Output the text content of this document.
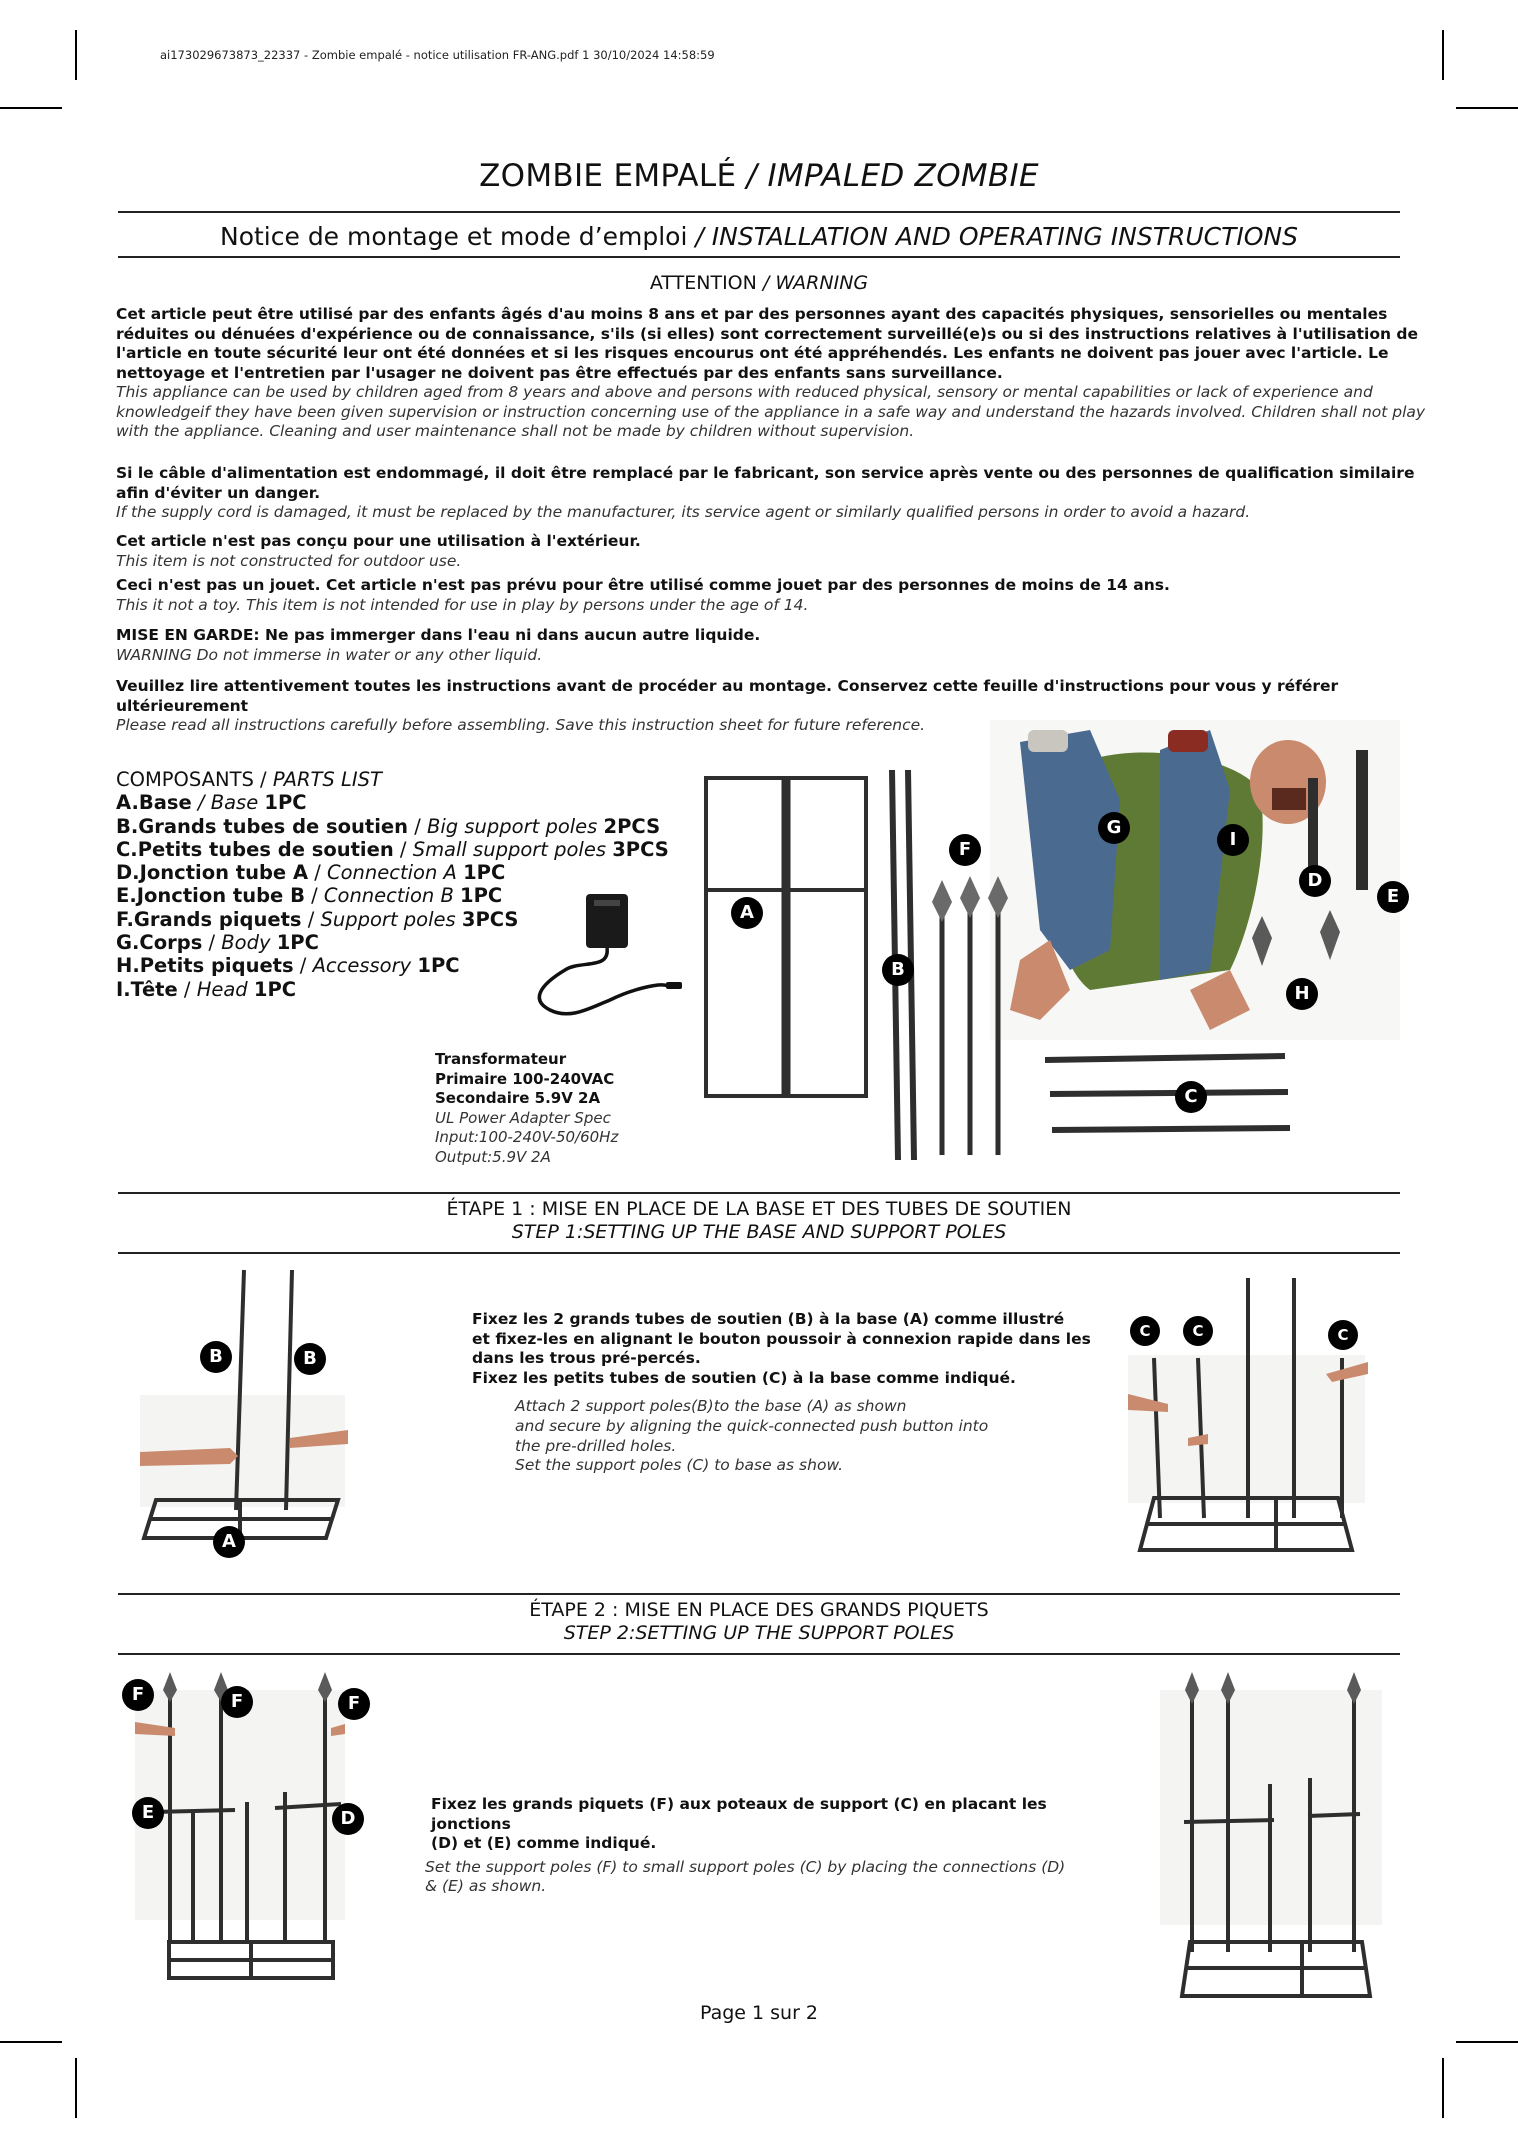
ai173029673873_22337 - Zombie empalé - notice utilisation FR-ANG.pdf 1 30/10/2024 14:58:59
ZOMBIE EMPALÉ / IMPALED ZOMBIE
Notice de montage et mode d’emploi / INSTALLATION AND OPERATING INSTRUCTIONS
ATTENTION / WARNING
Cet article peut être utilisé par des enfants âgés d'au moins 8 ans et par des personnes ayant des capacités physiques, sensorielles ou mentales réduites ou dénuées d'expérience ou de connaissance, s'ils (si elles) sont correctement surveillé(e)s ou si des instructions relatives à l'utilisation de l'article en toute sécurité leur ont été données et si les risques encourus ont été appréhendés. Les enfants ne doivent pas jouer avec l'article. Le nettoyage et l'entretien par l'usager ne doivent pas être effectués par des enfants sans surveillance.
This appliance can be used by children aged from 8 years and above and persons with reduced physical, sensory or mental capabilities or lack of experience and knowledgeif they have been given supervision or instruction concerning use of the appliance in a safe way and understand the hazards involved. Children shall not play with the appliance. Cleaning and user maintenance shall not be made by children without supervision.
Si le câble d'alimentation est endommagé, il doit être remplacé par le fabricant, son service après vente ou des personnes de qualification similaire afin d'éviter un danger.
If the supply cord is damaged, it must be replaced by the manufacturer, its service agent or similarly qualified persons in order to avoid a hazard.
Cet article n'est pas conçu pour une utilisation à l'extérieur.
This item is not constructed for outdoor use.
Ceci n'est pas un jouet. Cet article n'est pas prévu pour être utilisé comme jouet par des personnes de moins de 14 ans.
This it not a toy. This item is not intended for use in play by persons under the age of 14.
MISE EN GARDE: Ne pas immerger dans l'eau ni dans aucun autre liquide.
WARNING Do not immerse in water or any other liquid.
Veuillez lire attentivement toutes les instructions avant de procéder au montage. Conservez cette feuille d'instructions pour vous y référer ultérieurement
Please read all instructions carefully before assembling. Save this instruction sheet for future reference.
COMPOSANTS / PARTS LIST
A.Base / Base 1PC
B.Grands tubes de soutien / Big support poles 2PCS
C.Petits tubes de soutien / Small support poles 3PCS
D.Jonction tube A / Connection A 1PC
E.Jonction tube B / Connection B 1PC
F.Grands piquets / Support poles 3PCS
G.Corps / Body 1PC
H.Petits piquets / Accessory 1PC
I.Tête / Head 1PC
Transformateur
Primaire 100-240VAC
Secondaire 5.9V 2A
UL Power Adapter Spec
Input:100-240V-50/60Hz
Output:5.9V 2A
A
B
C
D
E
F
G
H
I
ÉTAPE 1 : MISE EN PLACE DE LA BASE ET DES TUBES DE SOUTIEN
STEP 1:SETTING UP THE BASE AND SUPPORT POLES
B	B
A
Fixez les 2 grands tubes de soutien (B) à la base (A) comme illustré
et fixez-les en alignant le bouton poussoir à connexion rapide dans les
dans les trous pré-percés.
Fixez les petits tubes de soutien (C) à la base comme indiqué.
Attach 2 support poles(B)to the base (A) as shown
and secure by aligning the quick-connected push button into
the pre-drilled holes.
Set the support poles (C) to base as show.
C	C	C
ÉTAPE 2 : MISE EN PLACE DES GRANDS PIQUETS
STEP 2:SETTING UP THE SUPPORT POLES
F	F	F
E	D
Fixez les grands piquets (F) aux poteaux de support (C) en placant les jonctions
(D) et (E) comme indiqué.
Set the support poles (F) to small support poles (C) by placing the connections (D)
& (E) as shown.
Page 1 sur 2
